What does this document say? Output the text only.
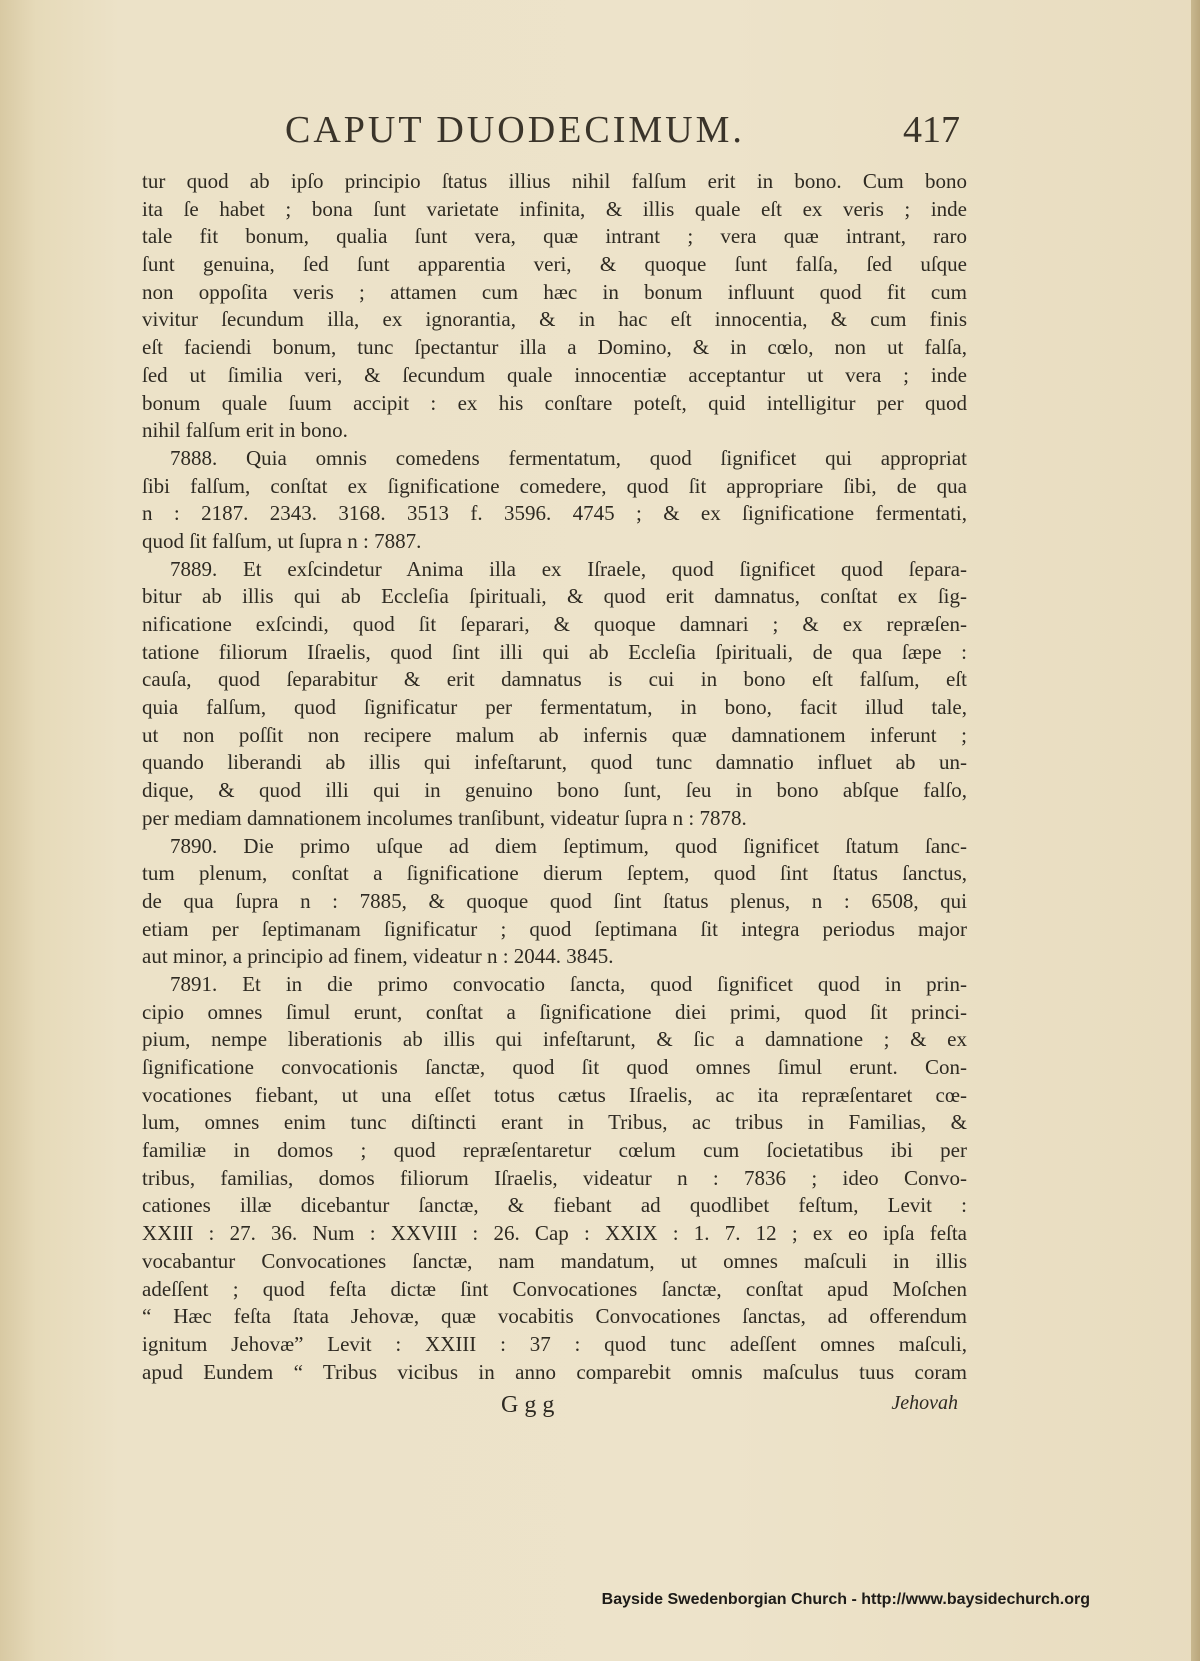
CAPUT DUODECIMUM.	417
tur quod ab ipſo principio ſtatus illius nihil falſum erit in bono. Cum bono
ita ſe habet ; bona ſunt varietate infinita, & illis quale eſt ex veris ; inde
tale fit bonum, qualia ſunt vera, quæ intrant ; vera quæ intrant, raro
ſunt genuina, ſed ſunt apparentia veri, & quoque ſunt falſa, ſed uſque
non oppoſita veris ; attamen cum hæc in bonum influunt quod fit cum
vivitur ſecundum illa, ex ignorantia, & in hac eſt innocentia, & cum finis
eſt faciendi bonum, tunc ſpectantur illa a Domino, & in cœlo, non ut falſa,
ſed ut ſimilia veri, & ſecundum quale innocentiæ acceptantur ut vera ; inde
bonum quale ſuum accipit : ex his conſtare poteſt, quid intelligitur per quod
nihil falſum erit in bono.
7888. Quia omnis comedens fermentatum, quod ſignificet qui appropriat
ſibi falſum, conſtat ex ſignificatione comedere, quod ſit appropriare ſibi, de qua
n : 2187. 2343. 3168. 3513 f. 3596. 4745 ; & ex ſignificatione fermentati,
quod ſit falſum, ut ſupra n : 7887.
7889. Et exſcindetur Anima illa ex Iſraele, quod ſignificet quod ſepara-
bitur ab illis qui ab Eccleſia ſpirituali, & quod erit damnatus, conſtat ex ſig-
nificatione exſcindi, quod ſit ſeparari, & quoque damnari ; & ex repræſen-
tatione filiorum Iſraelis, quod ſint illi qui ab Eccleſia ſpirituali, de qua ſæpe :
cauſa, quod ſeparabitur & erit damnatus is cui in bono eſt falſum, eſt
quia falſum, quod ſignificatur per fermentatum, in bono, facit illud tale,
ut non poſſit non recipere malum ab infernis quæ damnationem inferunt ;
quando liberandi ab illis qui infeſtarunt, quod tunc damnatio influet ab un-
dique, & quod illi qui in genuino bono ſunt, ſeu in bono abſque falſo,
per mediam damnationem incolumes tranſibunt, videatur ſupra n : 7878.
7890. Die primo uſque ad diem ſeptimum, quod ſignificet ſtatum ſanc-
tum plenum, conſtat a ſignificatione dierum ſeptem, quod ſint ſtatus ſanctus,
de qua ſupra n : 7885, & quoque quod ſint ſtatus plenus, n : 6508, qui
etiam per ſeptimanam ſignificatur ; quod ſeptimana ſit integra periodus major
aut minor, a principio ad finem, videatur n : 2044. 3845.
7891. Et in die primo convocatio ſancta, quod ſignificet quod in prin-
cipio omnes ſimul erunt, conſtat a ſignificatione diei primi, quod ſit princi-
pium, nempe liberationis ab illis qui infeſtarunt, & ſic a damnatione ; & ex
ſignificatione convocationis ſanctæ, quod ſit quod omnes ſimul erunt. Con-
vocationes fiebant, ut una eſſet totus cætus Iſraelis, ac ita repræſentaret cœ-
lum, omnes enim tunc diſtincti erant in Tribus, ac tribus in Familias, &
familiæ in domos ; quod repræſentaretur cœlum cum ſocietatibus ibi per
tribus, familias, domos filiorum Iſraelis, videatur n : 7836 ; ideo Convo-
cationes illæ dicebantur ſanctæ, & fiebant ad quodlibet feſtum, Levit :
XXIII : 27. 36. Num : XXVIII : 26. Cap : XXIX : 1. 7. 12 ; ex eo ipſa feſta
vocabantur Convocationes ſanctæ, nam mandatum, ut omnes maſculi in illis
adeſſent ; quod feſta dictæ ſint Convocationes ſanctæ, conſtat apud Moſchen
“ Hæc feſta ſtata Jehovæ, quæ vocabitis Convocationes ſanctas, ad offerendum
ignitum Jehovæ” Levit : XXIII : 37 : quod tunc adeſſent omnes maſculi,
apud Eundem “ Tribus vicibus in anno comparebit omnis maſculus tuus coram
Ggg	Jehovah
Bayside Swedenborgian Church - http://www.baysidechurch.org
